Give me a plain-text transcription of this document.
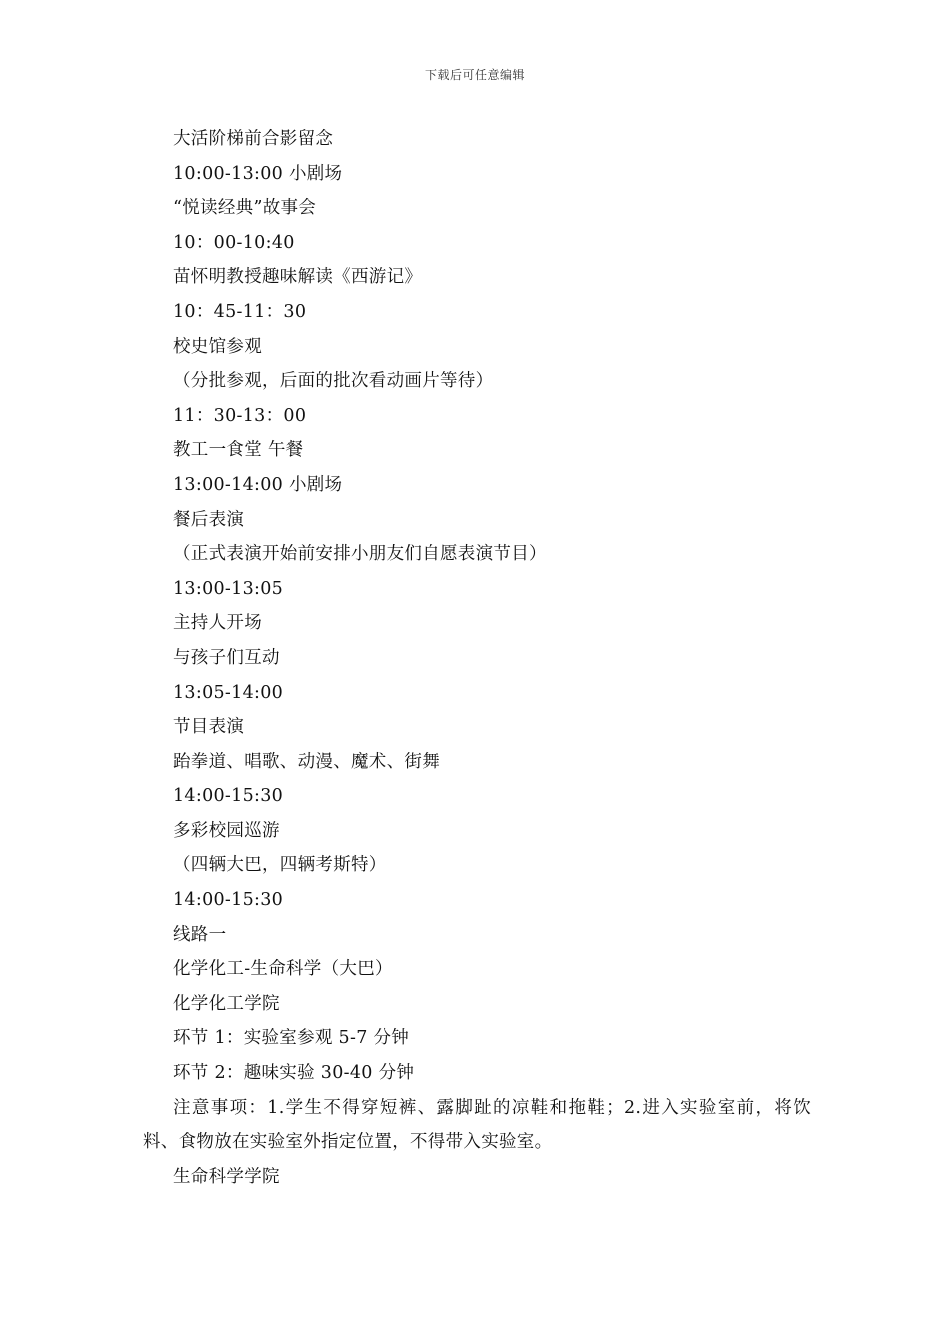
下载后可任意编辑
大活阶梯前合影留念
10:00-13:00 小剧场
“悦读经典”故事会
10：00-10:40
苗怀明教授趣味解读《西游记》
10：45-11：30
校史馆参观
（分批参观，后面的批次看动画片等待）
11：30-13：00
教工一食堂 午餐
13:00-14:00 小剧场
餐后表演
（正式表演开始前安排小朋友们自愿表演节目）
13:00-13:05
主持人开场
与孩子们互动
13:05-14:00
节目表演
跆拳道、唱歌、动漫、魔术、街舞
14:00-15:30
多彩校园巡游
（四辆大巴，四辆考斯特）
14:00-15:30
线路一
化学化工-生命科学（大巴）
化学化工学院
环节 1：实验室参观 5-7 分钟
环节 2：趣味实验 30-40 分钟
注意事项：1.学生不得穿短裤、露脚趾的凉鞋和拖鞋；2.进入实验室前，将饮料、食物放在实验室外指定位置，不得带入实验室。
生命科学学院
